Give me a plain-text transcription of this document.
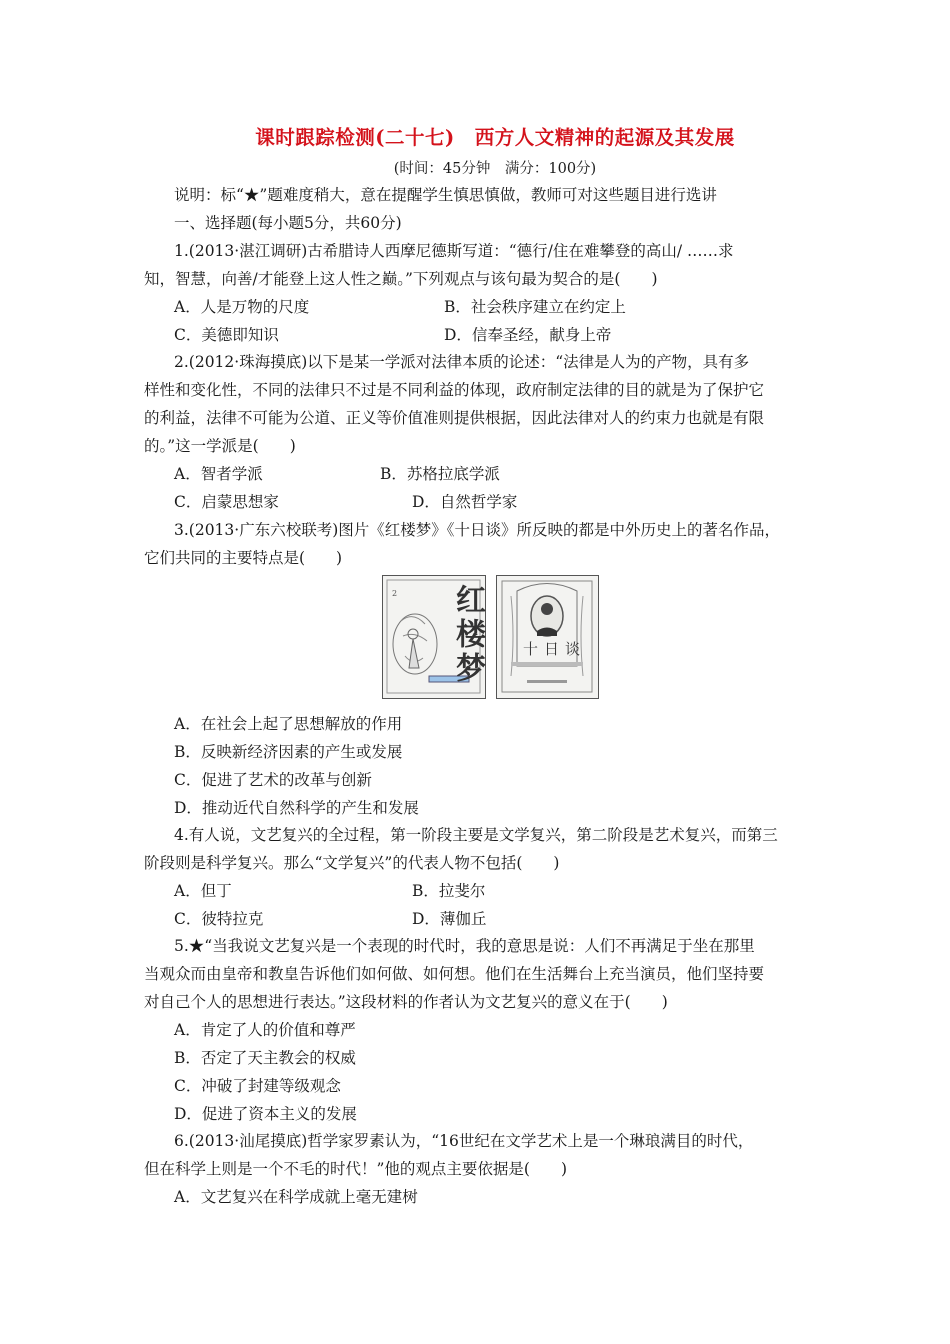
课时跟踪检测(二十七)　西方人文精神的起源及其发展
(时间：45分钟　满分：100分)
说明：标“★”题难度稍大，意在提醒学生慎思慎做，教师可对这些题目进行选讲
一、选择题(每小题5分，共60分)
1.(2013·湛江调研)古希腊诗人西摩尼德斯写道：“德行/住在难攀登的高山/ ……求
知，智慧，向善/才能登上这人性之巅。”下列观点与该句最为契合的是(　　)
A．人是万物的尺度	B．社会秩序建立在约定上
C．美德即知识	D．信奉圣经，献身上帝
2.(2012·珠海摸底)以下是某一学派对法律本质的论述：“法律是人为的产物，具有多
样性和变化性，不同的法律只不过是不同利益的体现，政府制定法律的目的就是为了保护它
的利益，法律不可能为公道、正义等价值准则提供根据，因此法律对人的约束力也就是有限
的。”这一学派是(　　)
A．智者学派	B．苏格拉底学派
C．启蒙思想家	D．自然哲学家
3.(2013·广东六校联考)图片《红楼梦》《十日谈》所反映的都是中外历史上的著名作品，
它们共同的主要特点是(　　)
2 红楼梦	十日谈
A．在社会上起了思想解放的作用
B．反映新经济因素的产生或发展
C．促进了艺术的改革与创新
D．推动近代自然科学的产生和发展
4.有人说，文艺复兴的全过程，第一阶段主要是文学复兴，第二阶段是艺术复兴，而第三
阶段则是科学复兴。那么“文学复兴”的代表人物不包括(　　)
A．但丁	B．拉斐尔
C．彼特拉克	D．薄伽丘
5.★“当我说文艺复兴是一个表现的时代时，我的意思是说：人们不再满足于坐在那里
当观众而由皇帝和教皇告诉他们如何做、如何想。他们在生活舞台上充当演员，他们坚持要
对自己个人的思想进行表达。”这段材料的作者认为文艺复兴的意义在于(　　)
A．肯定了人的价值和尊严
B．否定了天主教会的权威
C．冲破了封建等级观念
D．促进了资本主义的发展
6.(2013·汕尾摸底)哲学家罗素认为，“16世纪在文学艺术上是一个琳琅满目的时代，
但在科学上则是一个不毛的时代！”他的观点主要依据是(　　)
A．文艺复兴在科学成就上毫无建树
